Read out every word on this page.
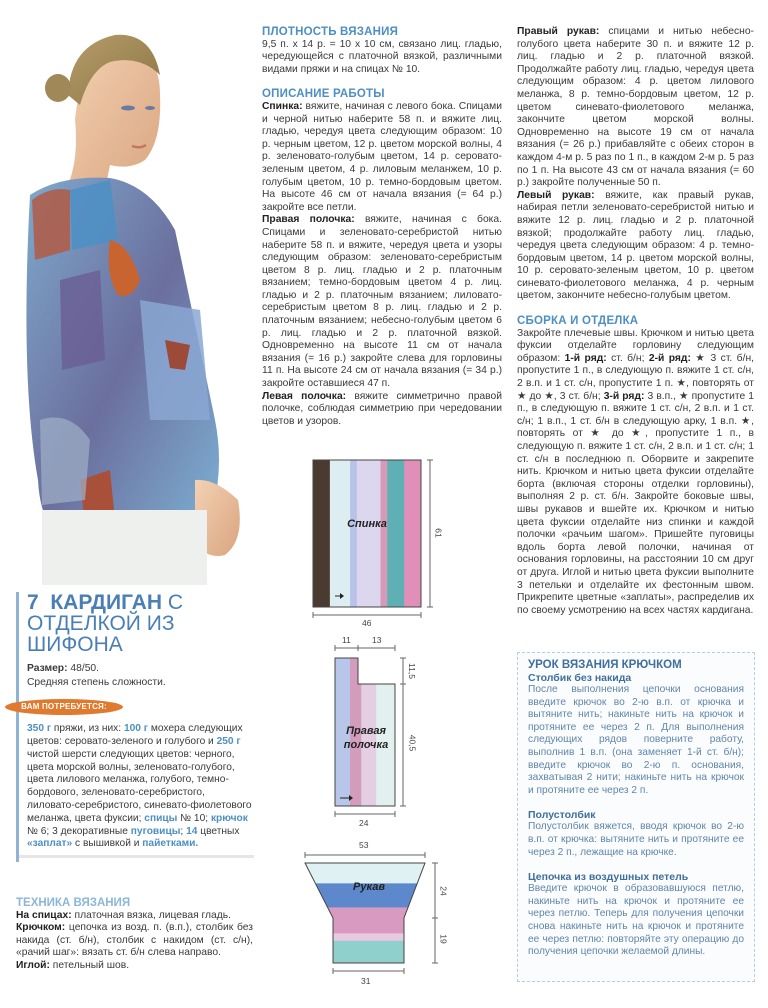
7 КАРДИГАН С ОТДЕЛКОЙ ИЗ ШИФОНА
Размер: 48/50.
Средняя степень сложности.
ВАМ ПОТРЕБУЕТСЯ:
350 г пряжи, из них: 100 г мохера следующих цветов: серовато-зеленого и голубого и 250 г чистой шерсти следующих цветов: черного, цвета морской волны, зеленовато-голубого, цвета лилового меланжа, голубого, темно-бордового, зеленовато-серебристого, лиловато-серебристого, синевато-фиолетового меланжа, цвета фуксии; спицы № 10; крючок № 6; 3 декоративные пуговицы; 14 цветных «заплат» с вышивкой и пайетками.
ТЕХНИКА ВЯЗАНИЯ
На спицах: платочная вязка, лицевая гладь.
Крючком: цепочка из возд. п. (в.п.), столбик без накида (ст. б/н), столбик с накидом (ст. с/н), «рачий шаг»: вязать ст. б/н слева направо.
Иглой: петельный шов.
ПЛОТНОСТЬ ВЯЗАНИЯ
9,5 п. х 14 р. = 10 х 10 см, связано лиц. гладью, чередующейся с платочной вязкой, различными видами пряжи и на спицах № 10.
ОПИСАНИЕ РАБОТЫ
Спинка: вяжите, начиная с левого бока. Спицами и черной нитью наберите 58 п. и вяжите лиц. гладью, чередуя цвета следующим образом: 10 р. черным цветом, 12 р. цветом морской волны, 4 р. зеленовато-голубым цветом, 14 р. серовато-зеленым цветом, 4 р. лиловым меланжем, 10 р. голубым цветом, 10 р. темно-бордовым цветом. На высоте 46 см от начала вязания (= 64 р.) закройте все петли.
Правая полочка: вяжите, начиная с бока. Спицами и зеленовато-серебристой нитью наберите 58 п. и вяжите, чередуя цвета и узоры следующим образом: зеленовато-серебристым цветом 8 р. лиц. гладью и 2 р. платочным вязанием; темно-бордовым цветом 4 р. лиц. гладью и 2 р. платочным вязанием; лиловато-серебристым цветом 8 р. лиц. гладью и 2 р. платочным вязанием; небесно-голубым цветом 6 р. лиц. гладью и 2 р. платочной вязкой. Одновременно на высоте 11 см от начала вязания (= 16 р.) закройте слева для горловины 11 п. На высоте 24 см от начала вязания (= 34 р.) закройте оставшиеся 47 п.
Левая полочка: вяжите симметрично правой полочке, соблюдая симметрию при чередовании цветов и узоров.
Правый рукав: спицами и нитью небесно-голубого цвета наберите 30 п. и вяжите 12 р. лиц. гладью и 2 р. платочной вязкой. Продолжайте работу лиц. гладью, чередуя цвета следующим образом: 4 р. цветом лилового меланжа, 8 р. темно-бордовым цветом, 12 р. цветом синевато-фиолетового меланжа, закончите цветом морской волны. Одновременно на высоте 19 см от начала вязания (= 26 р.) прибавляйте с обеих сторон в каждом 4-м р. 5 раз по 1 п., в каждом 2-м р. 5 раз по 1 п. На высоте 43 см от начала вязания (= 60 р.) закройте полученные 50 п.
Левый рукав: вяжите, как правый рукав, набирая петли зеленовато-серебристой нитью и вяжите 12 р. лиц. гладью и 2 р. платочной вязкой; продолжайте работу лиц. гладью, чередуя цвета следующим образом: 4 р. темно-бордовым цветом, 14 р. цветом морской волны, 10 р. серовато-зеленым цветом, 10 р. цветом синевато-фиолетового меланжа, 4 р. черным цветом, закончите небесно-голубым цветом.
СБОРКА И ОТДЕЛКА
Закройте плечевые швы. Крючком и нитью цвета фуксии отделайте горловину следующим образом: 1-й ряд: ст. б/н; 2-й ряд: ★ 3 ст. б/н, пропустите 1 п., в следующую п. вяжите 1 ст. с/н, 2 в.п. и 1 ст. с/н, пропустите 1 п. ★, повторять от ★ до ★, 3 ст. б/н; 3-й ряд: 3 в.п., ★ пропустите 1 п., в следующую п. вяжите 1 ст. с/н, 2 в.п. и 1 ст. с/н; 1 в.п., 1 ст. б/н в следующую арку, 1 в.п. ★, повторять от ★ до ★, пропустите 1 п., в следующую п. вяжите 1 ст. с/н, 2 в.п. и 1 ст. с/н; 1 ст. с/н в последнюю п. Оборвите и закрепите нить. Крючком и нитью цвета фуксии отделайте борта (включая стороны отделки горловины), выполняя 2 р. ст. б/н. Закройте боковые швы, швы рукавов и вшейте их. Крючком и нитью цвета фуксии отделайте низ спинки и каждой полочки «рачьим шагом». Пришейте пуговицы вдоль борта левой полочки, начиная от основания горловины, на расстоянии 10 см друг от друга. Иглой и нитью цвета фуксии выполните 3 петельки и отделайте их фестонным швом. Прикрепите цветные «заплаты», распределив их по своему усмотрению на всех частях кардигана.
УРОК ВЯЗАНИЯ КРЮЧКОМ
Столбик без накида
После выполнения цепочки основания введите крючок во 2-ю в.п. от крючка и вытяните нить; накиньте нить на крючок и протяните ее через 2 п. Для выполнения следующих рядов поверните работу, выполнив 1 в.п. (она заменяет 1-й ст. б/н); введите крючок во 2-ю п. основания, захватывая 2 нити; накиньте нить на крючок и протяните ее через 2 п.
Полустолбик
Полустолбик вяжется, вводя крючок во 2-ю в.п. от крючка: вытяните нить и протяните ее через 2 п., лежащие на крючке.
Цепочка из воздушных петель
Введите крючок в образовавшуюся петлю, накиньте нить на крючок и протяните ее через петлю. Теперь для получения цепочки снова накиньте нить на крючок и протяните ее через петлю: повторяйте эту операцию до получения цепочки желаемой длины.
Спинка
46
61
Правая
полочка
11 13
24
11,5
40,5
Рукав
53
31
24
19
